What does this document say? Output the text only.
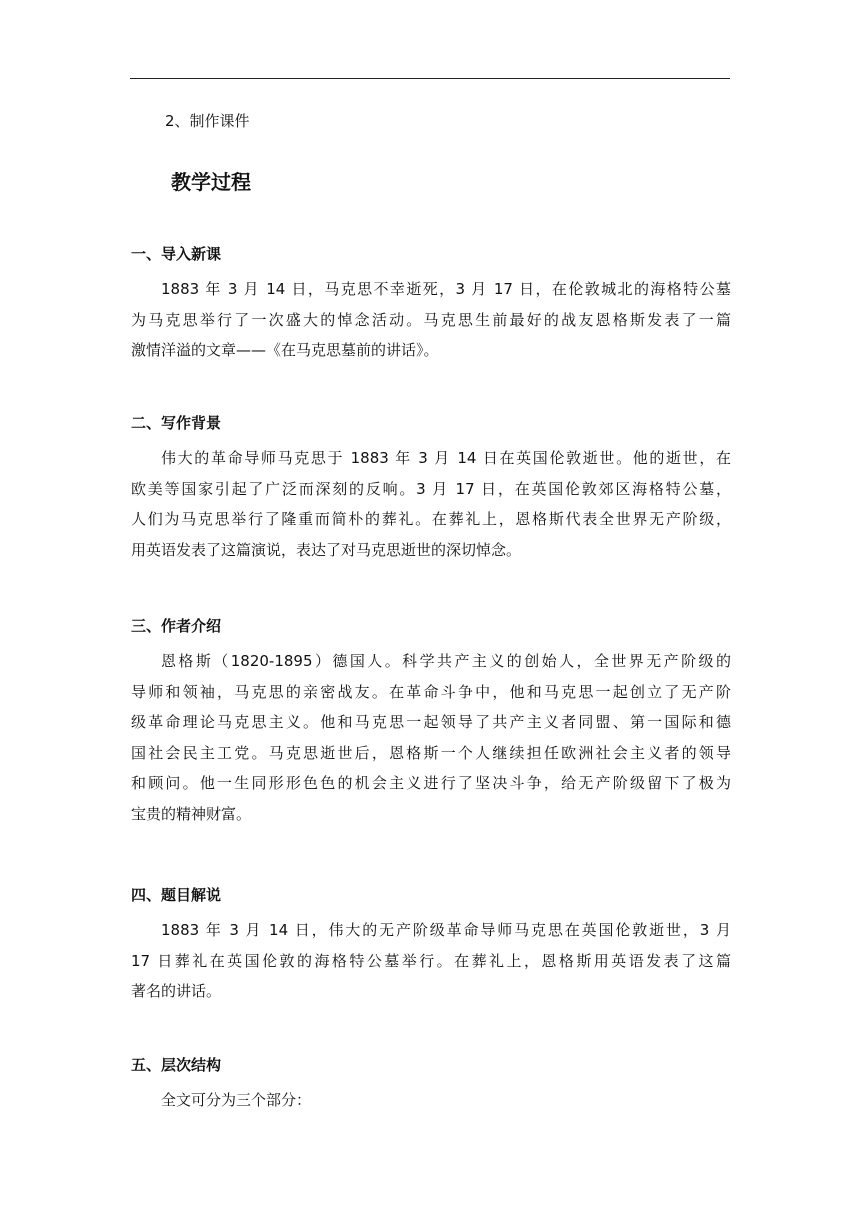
2、制作课件
教学过程
一、导入新课
1883 年 3 月 14 日，马克思不幸逝死，3 月 17 日，在伦敦城北的海格特公墓
为马克思举行了一次盛大的悼念活动。马克思生前最好的战友恩格斯发表了一篇
激情洋溢的文章——《在马克思墓前的讲话》。
二、写作背景
伟大的革命导师马克思于 1883 年 3 月 14 日在英国伦敦逝世。他的逝世，在
欧美等国家引起了广泛而深刻的反响。3 月 17 日，在英国伦敦郊区海格特公墓，
人们为马克思举行了隆重而简朴的葬礼。在葬礼上，恩格斯代表全世界无产阶级，
用英语发表了这篇演说，表达了对马克思逝世的深切悼念。
三、作者介绍
恩格斯（1820-1895）德国人。科学共产主义的创始人，全世界无产阶级的
导师和领袖，马克思的亲密战友。在革命斗争中，他和马克思一起创立了无产阶
级革命理论马克思主义。他和马克思一起领导了共产主义者同盟、第一国际和德
国社会民主工党。马克思逝世后，恩格斯一个人继续担任欧洲社会主义者的领导
和顾问。他一生同形形色色的机会主义进行了坚决斗争，给无产阶级留下了极为
宝贵的精神财富。
四、题目解说
1883 年 3 月 14 日，伟大的无产阶级革命导师马克思在英国伦敦逝世，3 月
17 日葬礼在英国伦敦的海格特公墓举行。在葬礼上，恩格斯用英语发表了这篇
著名的讲话。
五、层次结构
全文可分为三个部分：
